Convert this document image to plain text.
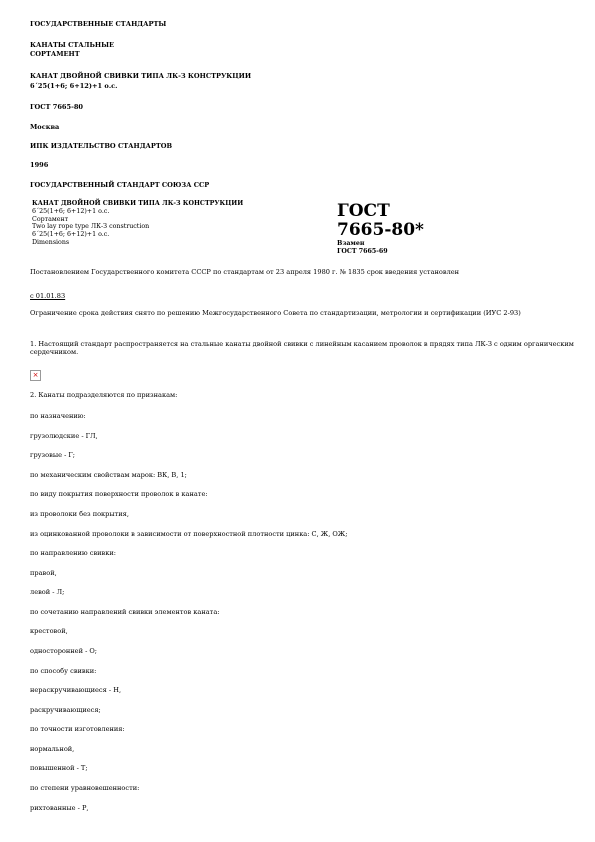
ГОСУДАРСТВЕННЫЕ СТАНДАРТЫ
КАНАТЫ СТАЛЬНЫЕ
СОРТАМЕНТ
КАНАТ ДВОЙНОЙ СВИВКИ ТИПА ЛК-З КОНСТРУКЦИИ
6´25(1+6; 6+12)+1 о.с.
ГОСТ 7665-80
Москва
ИПК ИЗДАТЕЛЬСТВО СТАНДАРТОВ
1996
ГОСУДАРСТВЕННЫЙ СТАНДАРТ СОЮЗА ССР
КАНАТ ДВОЙНОЙ СВИВКИ ТИПА ЛК-З КОНСТРУКЦИИ
6´25(1+6; 6+12)+1 о.с.
Сортамент
Two lay rope type ЛК-З construction
6´25(1+6; 6+12)+1 o.c.
Dimensions
ГОСТ
7665-80*
Взамен
ГОСТ 7665-69
Постановлением Государственного комитета СССР по стандартам от 23 апреля 1980 г. № 1835 срок введения установлен
с 01.01.83
Ограничение срока действия снято по решению Межгосударственного Совета по стандартизации, метрологии и сертификации (ИУС 2-93)
1. Настоящий стандарт распространяется на стальные канаты двойной свивки с линейным касанием проволок в прядях типа ЛК-З с одним органическим сердечником.
×
2. Канаты подразделяются по признакам:
по назначению:
грузолюдские - ГЛ,
грузовые - Г;
по механическим свойствам марок: ВК, В, 1;
по виду покрытия поверхности проволок в канате:
из проволоки без покрытия,
из оцинкованной проволоки в зависимости от поверхностной плотности цинка: С, Ж, ОЖ;
по направлению свивки:
правой,
левой - Л;
по сочетанию направлений свивки элементов каната:
крестовой,
односторонней - О;
по способу свивки:
нераскручивающиеся - Н,
раскручивающиеся;
по точности изготовления:
нормальной,
повышенной - Т;
по степени уравновешенности:
рихтованные - Р,
